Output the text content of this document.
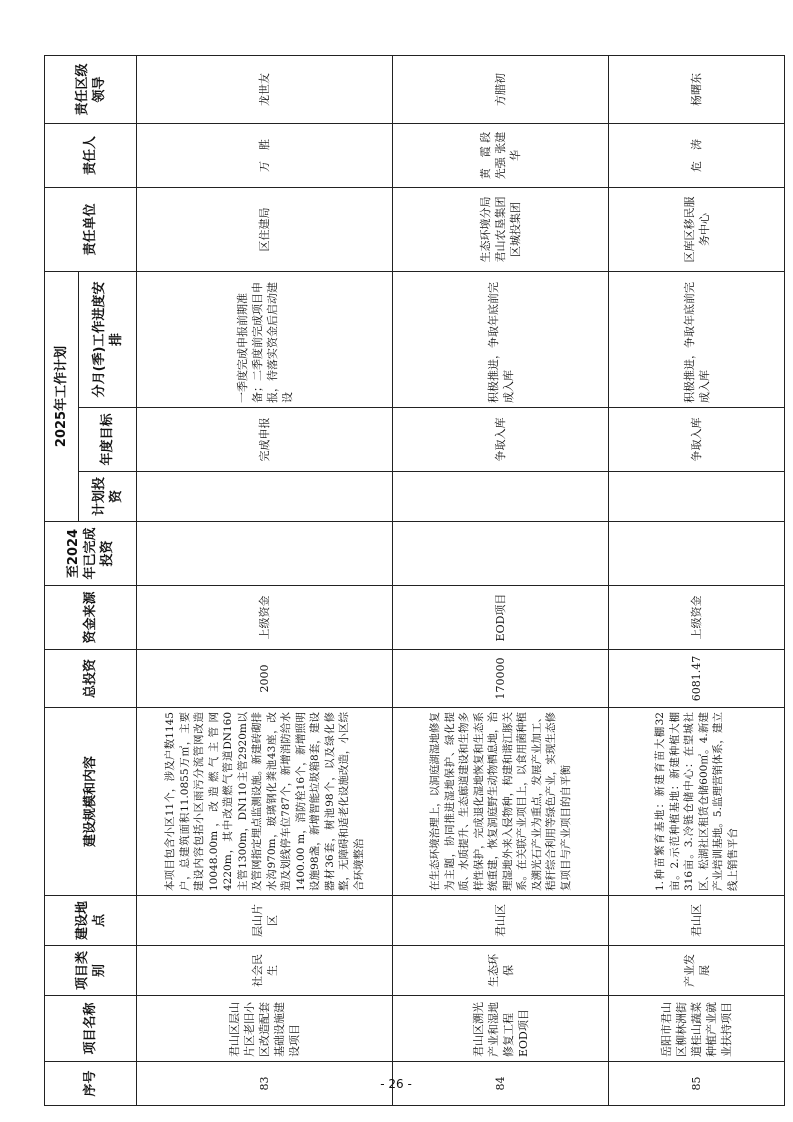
序号	项目名称	项目类别	建设地点	建设规模和内容	总投资	资金来源	至2024年已完成投资	2025年工作计划			责任单位	责任人	责任区级领导
								计划投资	年度目标	分月(季)工作进度安排			
83	君山区层山片区老旧小区改造配套基础设施建设项目	社会民生	层山片区	本项目包含小区11个，涉及户数1145户，总建筑面积11.0855万㎡，主要建设内容包括小区雨污分流管网改造10048.00m，改造燃气主管网4220m，其中改造燃气管道DN160主管1300m，DN110主管2920m以及管网指定埋点监测设施。新建砖砌排水沟970m，玻璃钢化粪池43座，改造及划线停车位787个，新增消防给水1400.00 m，消防栓16个，新增照明设施98盏，新增智能垃圾箱8套，建设器材36套，树池98个，以及绿化修整，无障碍和适老化设施改造，小区综合环境整治	2000	上级资金			完成申报	一季度完成申报前期准备；二季度前完成项目申报，待落实资金后启动建设	区住建局	万　胜	龙世友
84	君山区溯光产业和湿地修复工程EOD项目	生态环保	君山区	在生态环境治理上，以洞庭湖湿地修复为主题，协同推进湿地保护、绿化提质、水质提升、生态廊道建设和生物多样性保护，完成退化湿地恢复和生态系统重建，恢复洞庭野生动物栖息地，治理湿地外来入侵物种，构建和谐江豚关系。在关联产业项目上，以食用菌种植及溯光石产业为重点，发展产业加工、秸秆综合利用等绿色产业，实现生态修复项目与产业项目的自平衡	170000	EOD项目			争取入库	积极推进，争取年底前完成入库	生态环境分局 君山农垦集团 区城投集团	黄　霞 段先强 张建华	方腊初
85	岳阳市君山区柳林洲街道桂山蔬菜种植产业就业扶持项目	产业发展	君山区	1.种苗繁育基地：新建育苗大棚32亩。2.示范种植基地：新建种植大棚316亩。3.冷链仓储中心：在望城社区、松湖社区租赁仓储600㎡。4.新建产业培训基地。5.监理营销体系，建立线上销售平台	6081.47	上级资金			争取入库	积极推进，争取年底前完成入库	区库区移民服务中心	危　涛	杨曙东
- 26 -
